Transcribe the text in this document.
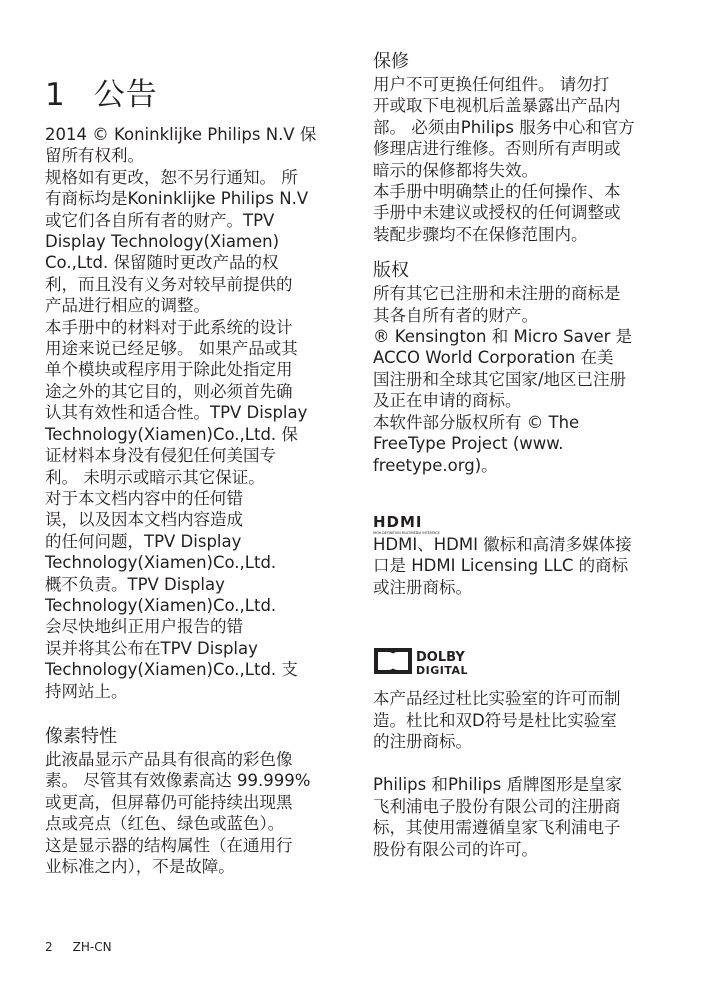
1 公告

2014 © Koninklijke Philips N.V 保
留所有权利。
规格如有更改，恕不另行通知。 所
有商标均是Koninklijke Philips N.V
或它们各自所有者的财产。TPV
Display Technology(Xiamen)
Co.,Ltd. 保留随时更改产品的权
利，而且没有义务对较早前提供的
产品进行相应的调整。
本手册中的材料对于此系统的设计
用途来说已经足够。 如果产品或其
单个模块或程序用于除此处指定用
途之外的其它目的，则必须首先确
认其有效性和适合性。TPV Display
Technology(Xiamen)Co.,Ltd. 保
证材料本身没有侵犯任何美国专
利。 未明示或暗示其它保证。
对于本文档内容中的任何错
误，以及因本文档内容造成
的任何问题，TPV Display
Technology(Xiamen)Co.,Ltd.
概不负责。TPV Display
Technology(Xiamen)Co.,Ltd.
会尽快地纠正用户报告的错
误并将其公布在TPV Display
Technology(Xiamen)Co.,Ltd. 支
持网站上。

像素特性

此液晶显示产品具有很高的彩色像
素。 尽管其有效像素高达 99.999%
或更高，但屏幕仍可能持续出现黑
点或亮点（红色、绿色或蓝色）。
这是显示器的结构属性（在通用行
业标准之内），不是故障。

保修

用户不可更换任何组件。 请勿打
开或取下电视机后盖暴露出产品内
部。 必须由Philips 服务中心和官方
修理店进行维修。否则所有声明或
暗示的保修都将失效。
本手册中明确禁止的任何操作、本
手册中未建议或授权的任何调整或
装配步骤均不在保修范围内。

版权

所有其它已注册和未注册的商标是
其各自所有者的财产。
® Kensington 和 Micro Saver 是
ACCO World Corporation 在美
国注册和全球其它国家/地区已注册
及正在申请的商标。
本软件部分版权所有 © The
FreeType Project (www.
freetype.org)。

HDMI、HDMI 徽标和高清多媒体接
口是 HDMI Licensing LLC 的商标
或注册商标。

本产品经过杜比实验室的许可而制
造。杜比和双D符号是杜比实验室
的注册商标。

Philips 和Philips 盾牌图形是皇家
飞利浦电子股份有限公司的注册商
标，其使用需遵循皇家飞利浦电子
股份有限公司的许可。

HDMI
HIGH-DEFINITION MULTIMEDIA INTERFACE
DOLBY
DIGITAL
2 ZH-CN
